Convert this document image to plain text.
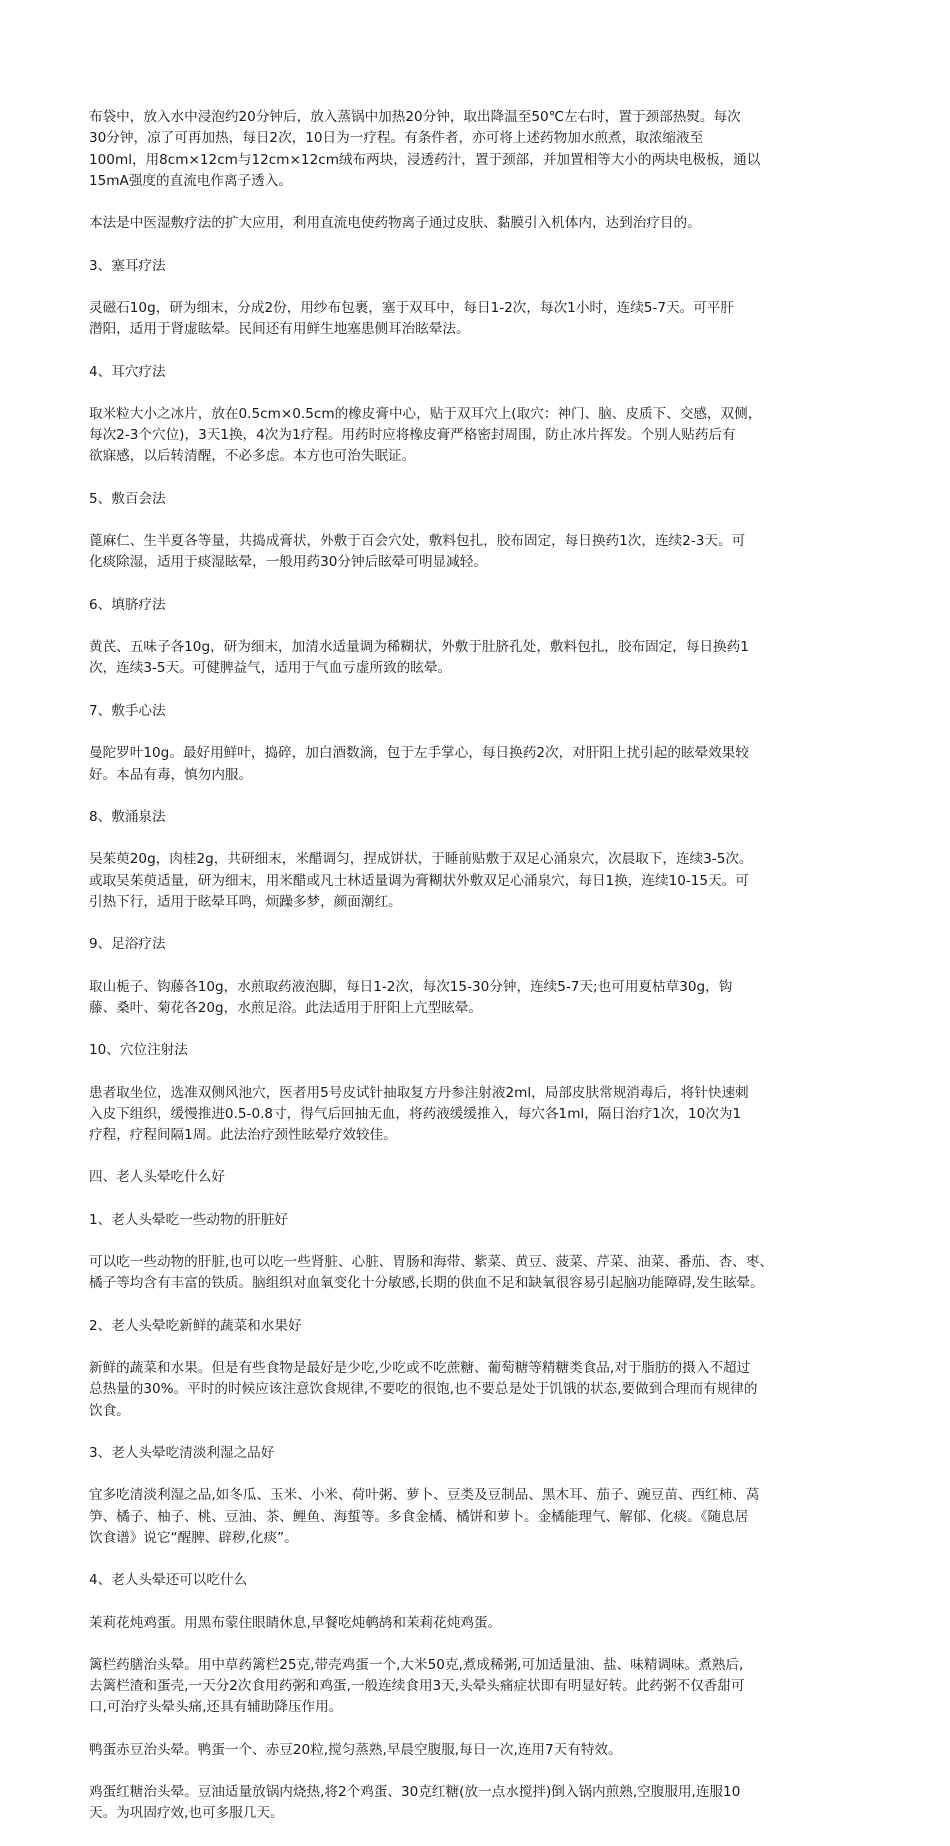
布袋中，放入水中浸泡约20分钟后，放入蒸锅中加热20分钟，取出降温至50℃左右时，置于颈部热熨。每次
30分钟，凉了可再加热，每日2次，10日为一疗程。有条件者，亦可将上述药物加水煎煮，取浓缩液至
100ml，用8cm×12cm与12cm×12cm绒布两块，浸透药汁，置于颈部，并加置相等大小的两块电极板，通以
15mA强度的直流电作离子透入。

本法是中医湿敷疗法的扩大应用，利用直流电使药物离子通过皮肤、黏膜引入机体内，达到治疗目的。

3、塞耳疗法

灵磁石10g，研为细末，分成2份，用纱布包裹，塞于双耳中，每日1-2次，每次1小时，连续5-7天。可平肝
潜阳，适用于肾虚眩晕。民间还有用鲜生地塞患侧耳治眩晕法。

4、耳穴疗法

取米粒大小之冰片，放在0.5cm×0.5cm的橡皮膏中心，贴于双耳穴上(取穴：神门、脑、皮质下、交感，双侧，
每次2-3个穴位)，3天1换，4次为1疗程。用药时应将橡皮膏严格密封周围，防止冰片挥发。个别人贴药后有
欲寐感，以后转清醒，不必多虑。本方也可治失眠证。

5、敷百会法

蓖麻仁、生半夏各等量，共捣成膏状，外敷于百会穴处，敷料包扎，胶布固定，每日换药1次，连续2-3天。可
化痰除湿，适用于痰湿眩晕，一般用药30分钟后眩晕可明显减轻。

6、填脐疗法

黄芪、五味子各10g，研为细末，加清水适量调为稀糊状，外敷于肚脐孔处，敷料包扎，胶布固定，每日换药1
次，连续3-5天。可健脾益气，适用于气血亏虚所致的眩晕。

7、敷手心法

曼陀罗叶10g。最好用鲜叶，捣碎，加白酒数滴，包于左手掌心，每日换药2次，对肝阳上扰引起的眩晕效果较
好。本品有毒，慎勿内服。

8、敷涌泉法

吴茱萸20g，肉桂2g，共研细末，米醋调匀，捏成饼状，于睡前贴敷于双足心涌泉穴，次晨取下，连续3-5次。
或取吴茱萸适量，研为细末，用米醋或凡士林适量调为膏糊状外敷双足心涌泉穴，每日1换，连续10-15天。可
引热下行，适用于眩晕耳鸣，烦躁多梦，颜面潮红。

9、足浴疗法

取山栀子、钩藤各10g，水煎取药液泡脚，每日1-2次，每次15-30分钟，连续5-7天;也可用夏枯草30g，钩
藤、桑叶、菊花各20g，水煎足浴。此法适用于肝阳上亢型眩晕。

10、穴位注射法

患者取坐位，选准双侧风池穴，医者用5号皮试针抽取复方丹参注射液2ml，局部皮肤常规消毒后，将针快速刺
入皮下组织，缓慢推进0.5-0.8寸，得气后回抽无血，将药液缓缓推入，每穴各1ml，隔日治疗1次，10次为1
疗程，疗程间隔1周。此法治疗颈性眩晕疗效较佳。

四、老人头晕吃什么好

1、老人头晕吃一些动物的肝脏好

可以吃一些动物的肝脏,也可以吃一些肾脏、心脏、胃肠和海带、紫菜、黄豆、菠菜、芹菜、油菜、番茄、杏、枣、
橘子等均含有丰富的铁质。脑组织对血氧变化十分敏感,长期的供血不足和缺氧很容易引起脑功能障碍,发生眩晕。

2、老人头晕吃新鲜的蔬菜和水果好

新鲜的蔬菜和水果。但是有些食物是最好是少吃,少吃或不吃蔗糖、葡萄糖等精糖类食品,对于脂肪的摄入不超过
总热量的30%。平时的时候应该注意饮食规律,不要吃的很饱,也不要总是处于饥饿的状态,要做到合理而有规律的
饮食。

3、老人头晕吃清淡利湿之品好

宜多吃清淡利湿之品,如冬瓜、玉米、小米、荷叶粥、萝卜、豆类及豆制品、黑木耳、茄子、豌豆苗、西红柿、莴
笋、橘子、柚子、桃、豆油、茶、鲤鱼、海蜇等。多食金橘、橘饼和萝卜。金橘能理气、解郁、化痰。《随息居
饮食谱》说它“醒脾、辟秽,化痰”。

4、老人头晕还可以吃什么

茉莉花炖鸡蛋。用黑布蒙住眼睛休息,早餐吃炖鹌鸪和茉莉花炖鸡蛋。

篱栏药膳治头晕。用中草药篱栏25克,带壳鸡蛋一个,大米50克,煮成稀粥,可加适量油、盐、味精调味。煮熟后,
去篱栏渣和蛋壳,一天分2次食用药粥和鸡蛋,一般连续食用3天,头晕头痛症状即有明显好转。此药粥不仅香甜可
口,可治疗头晕头痛,还具有辅助降压作用。

鸭蛋赤豆治头晕。鸭蛋一个、赤豆20粒,搅匀蒸熟,早晨空腹服,每日一次,连用7天有特效。

鸡蛋红糖治头晕。豆油适量放锅内烧热,将2个鸡蛋、30克红糖(放一点水搅拌)倒入锅内煎熟,空腹服用,连服10
天。为巩固疗效,也可多服几天。
